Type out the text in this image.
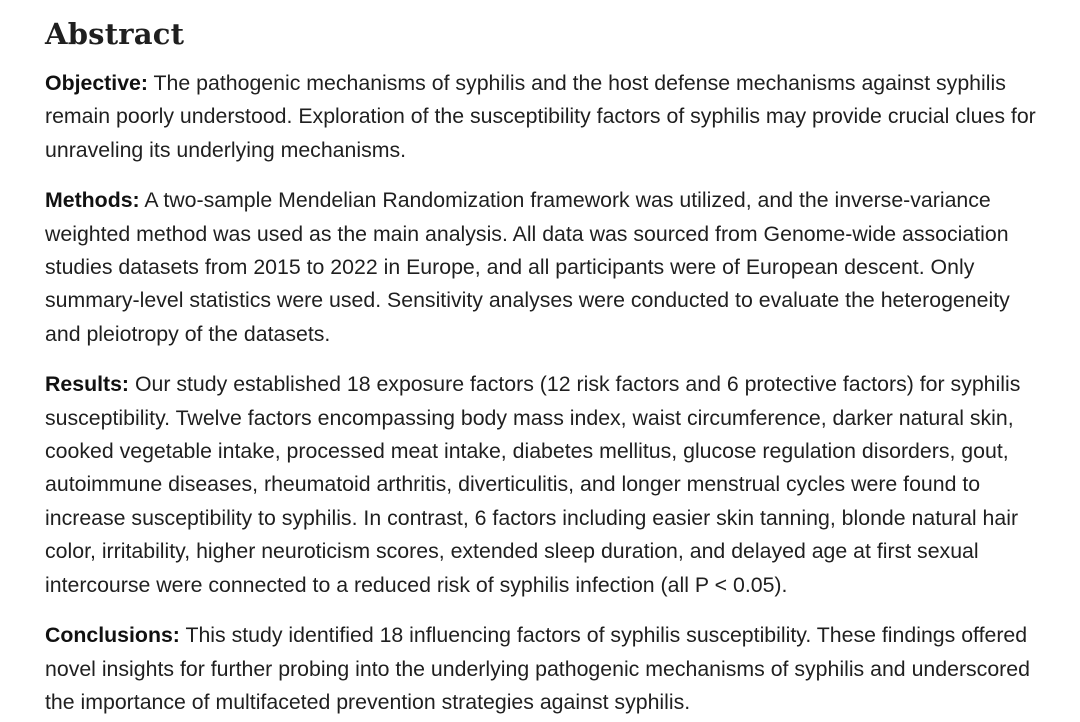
Abstract

Objective: The pathogenic mechanisms of syphilis and the host defense mechanisms against syphilis remain poorly understood. Exploration of the susceptibility factors of syphilis may provide crucial clues for unraveling its underlying mechanisms.

Methods: A two-sample Mendelian Randomization framework was utilized, and the inverse-variance weighted method was used as the main analysis. All data was sourced from Genome-wide association studies datasets from 2015 to 2022 in Europe, and all participants were of European descent. Only summary-level statistics were used. Sensitivity analyses were conducted to evaluate the heterogeneity and pleiotropy of the datasets.

Results: Our study established 18 exposure factors (12 risk factors and 6 protective factors) for syphilis susceptibility. Twelve factors encompassing body mass index, waist circumference, darker natural skin, cooked vegetable intake, processed meat intake, diabetes mellitus, glucose regulation disorders, gout, autoimmune diseases, rheumatoid arthritis, diverticulitis, and longer menstrual cycles were found to increase susceptibility to syphilis. In contrast, 6 factors including easier skin tanning, blonde natural hair color, irritability, higher neuroticism scores, extended sleep duration, and delayed age at first sexual intercourse were connected to a reduced risk of syphilis infection (all P < 0.05).

Conclusions: This study identified 18 influencing factors of syphilis susceptibility. These findings offered novel insights for further probing into the underlying pathogenic mechanisms of syphilis and underscored the importance of multifaceted prevention strategies against syphilis.
